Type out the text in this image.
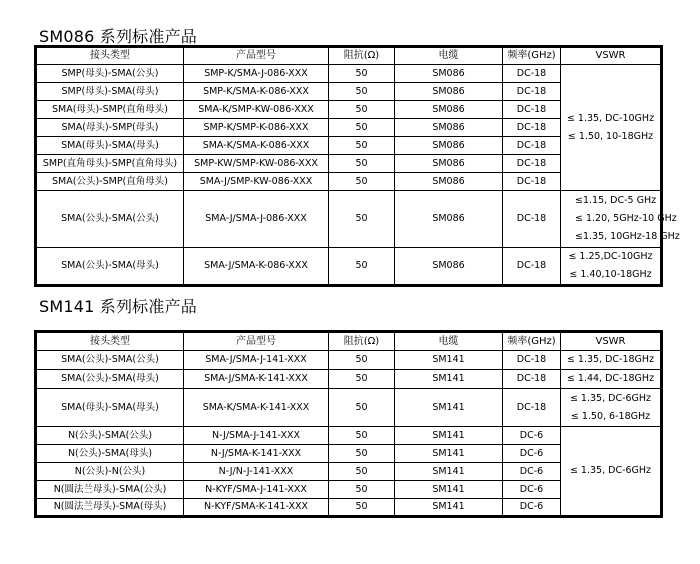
SM086 系列标准产品
接头类型	产品型号	阻抗(Ω)	电缆	频率(GHz)	VSWR
SMP(母头)-SMA(公头)	SMP-K/SMA-J-086-XXX	50	SM086	DC-18	≤ 1.35, DC-10GHz
≤ 1.50, 10-18GHz

SMP(母头)-SMA(母头)	SMP-K/SMA-K-086-XXX	50	SM086	DC-18	
SMA(母头)-SMP(直角母头)	SMA-K/SMP-KW-086-XXX	50	SM086	DC-18	
SMA(母头)-SMP(母头)	SMP-K/SMP-K-086-XXX	50	SM086	DC-18	
SMA(母头)-SMA(母头)	SMA-K/SMA-K-086-XXX	50	SM086	DC-18	
SMP(直角母头)-SMP(直角母头)	SMP-KW/SMP-KW-086-XXX	50	SM086	DC-18	
SMA(公头)-SMP(直角母头)	SMA-J/SMP-KW-086-XXX	50	SM086	DC-18	
SMA(公头)-SMA(公头)	SMA-J/SMA-J-086-XXX	50	SM086	DC-18	≤1.15, DC-5 GHz
≤ 1.20, 5GHz-10 GHz
≤1.35, 10GHz-18 GHz

SMA(公头)-SMA(母头)	SMA-J/SMA-K-086-XXX	50	SM086	DC-18	≤ 1.25,DC-10GHz
≤ 1.40,10-18GHz
SM141 系列标准产品
接头类型	产品型号	阻抗(Ω)	电缆	频率(GHz)	VSWR
SMA(公头)-SMA(公头)	SMA-J/SMA-J-141-XXX	50	SM141	DC-18	≤ 1.35, DC-18GHz

SMA(公头)-SMA(母头)	SMA-J/SMA-K-141-XXX	50	SM141	DC-18	≤ 1.44, DC-18GHz

SMA(母头)-SMA(母头)	SMA-K/SMA-K-141-XXX	50	SM141	DC-18	≤ 1.35, DC-6GHz
≤ 1.50, 6-18GHz

N(公头)-SMA(公头)	N-J/SMA-J-141-XXX	50	SM141	DC-6	≤ 1.35, DC-6GHz

N(公头)-SMA(母头)	N-J/SMA-K-141-XXX	50	SM141	DC-6	
N(公头)-N(公头)	N-J/N-J-141-XXX	50	SM141	DC-6	
N(圆法兰母头)-SMA(公头)	N-KYF/SMA-J-141-XXX	50	SM141	DC-6	
N(圆法兰母头)-SMA(母头)	N-KYF/SMA-K-141-XXX	50	SM141	DC-6	
